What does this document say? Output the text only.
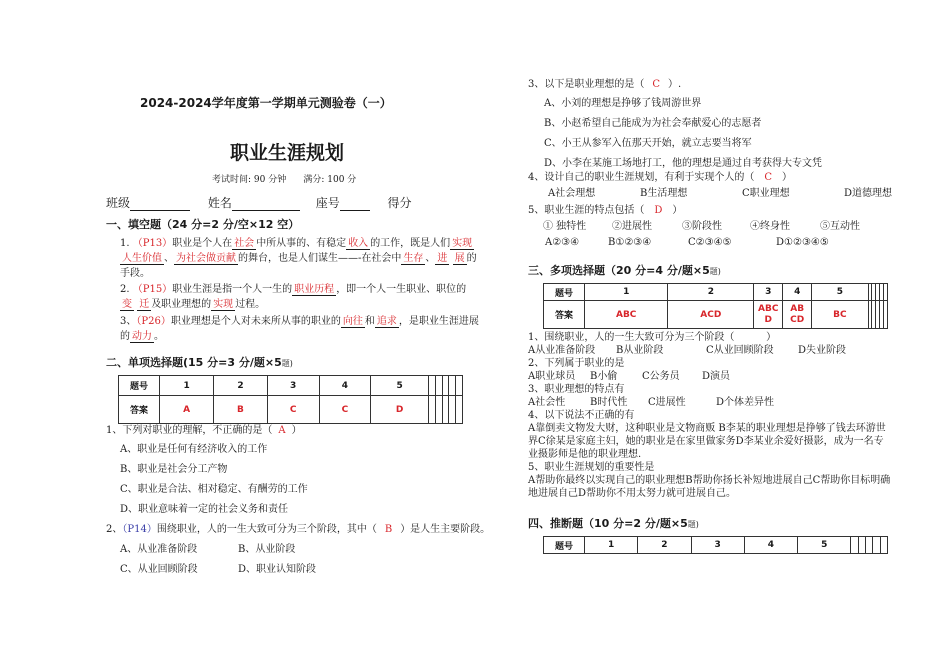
2024-2024学年度第一学期单元测验卷（一）
职业生涯规划
考试时间: 90 分钟      满分: 100 分
班级	姓名	座号	得分
一、填空题（24 分=2 分/空×12 空）
1. （P13）职业是个人在 社会 中所从事的、有稳定 收入 的工作，既是人们 实现 人生价值 、 为社会做贡献 的舞台，也是人们谋生——-在社会中 生存 、 进 展 的手段。
2. （P15）职业生涯是指一个人一生的 职业历程 ，即一个人一生职业、职位的变 迁 及职业理想的 实现 过程。
3、（P26）职业理想是个人对未来所从事的职业的 向往 和 追求 ，是职业生涯进展的 动力 。
二、单项选择题(15 分=3 分/题×5题)
题号	1	2	3	4	5					
答案	A	B	C	C	D					
1、下列对职业的理解，不正确的是（ A ）
A、职业是任何有经济收入的工作
B、职业是社会分工产物
C、职业是合法、相对稳定、有酬劳的工作
D、职业意味着一定的社会义务和责任
2、（P14）围绕职业，人的一生大致可分为三个阶段，其中（ B ）是人生主要阶段。
A、从业准备阶段	B、从业阶段
C、从业回顾阶段	D、职业认知阶段
3、以下是职业理想的是（ C ）.
A、小刘的理想是挣够了钱周游世界
B、小赵希望自己能成为为社会奉献爱心的志愿者
C、小王从参军入伍那天开始，就立志要当将军
D、小李在某施工场地打工，他的理想是通过自考获得大专文凭
4、设计自己的职业生涯规划，有利于实现个人的（ C ）
A社会理想	B生活理想	C职业理想	D道德理想
5、职业生涯的特点包括（ D ）
① 独特性	②进展性	③阶段性	④终身性	⑤互动性
A②③④	B①②③④	C②③④⑤	D①②③④⑤
三、多项选择题（20 分=4 分/题×5题)
题号	1	2	3	4	5					
答案	ABC	ACD	ABC D	AB CD	BC					
1、围绕职业，人的一生大致可分为三个阶段（          ）
A从业准备阶段 B从业阶段	C从业回顾阶段 D失业阶段
2、下列属于职业的是
A职业球员 B小偷 C公务员 D演员
3、职业理想的特点有
A社会性 B时代性 C进展性	D个体差异性
4、以下说法不正确的有
A靠倒卖文物发大财，这种职业是文物商贩 B李某的职业理想是挣够了钱去环游世
界C徐某是家庭主妇，她的职业是在家里做家务D李某业余爱好摄影，成为一名专
业摄影师是他的职业理想.
5、职业生涯规划的重要性是
A帮助你最终以实现自己的职业理想B帮助你扬长补短地进展自己C帮助你目标明确
地进展自己D帮助你不用太努力就可进展自己。
四、推断题（10 分=2 分/题×5题)
题号	1	2	3	4	5					
